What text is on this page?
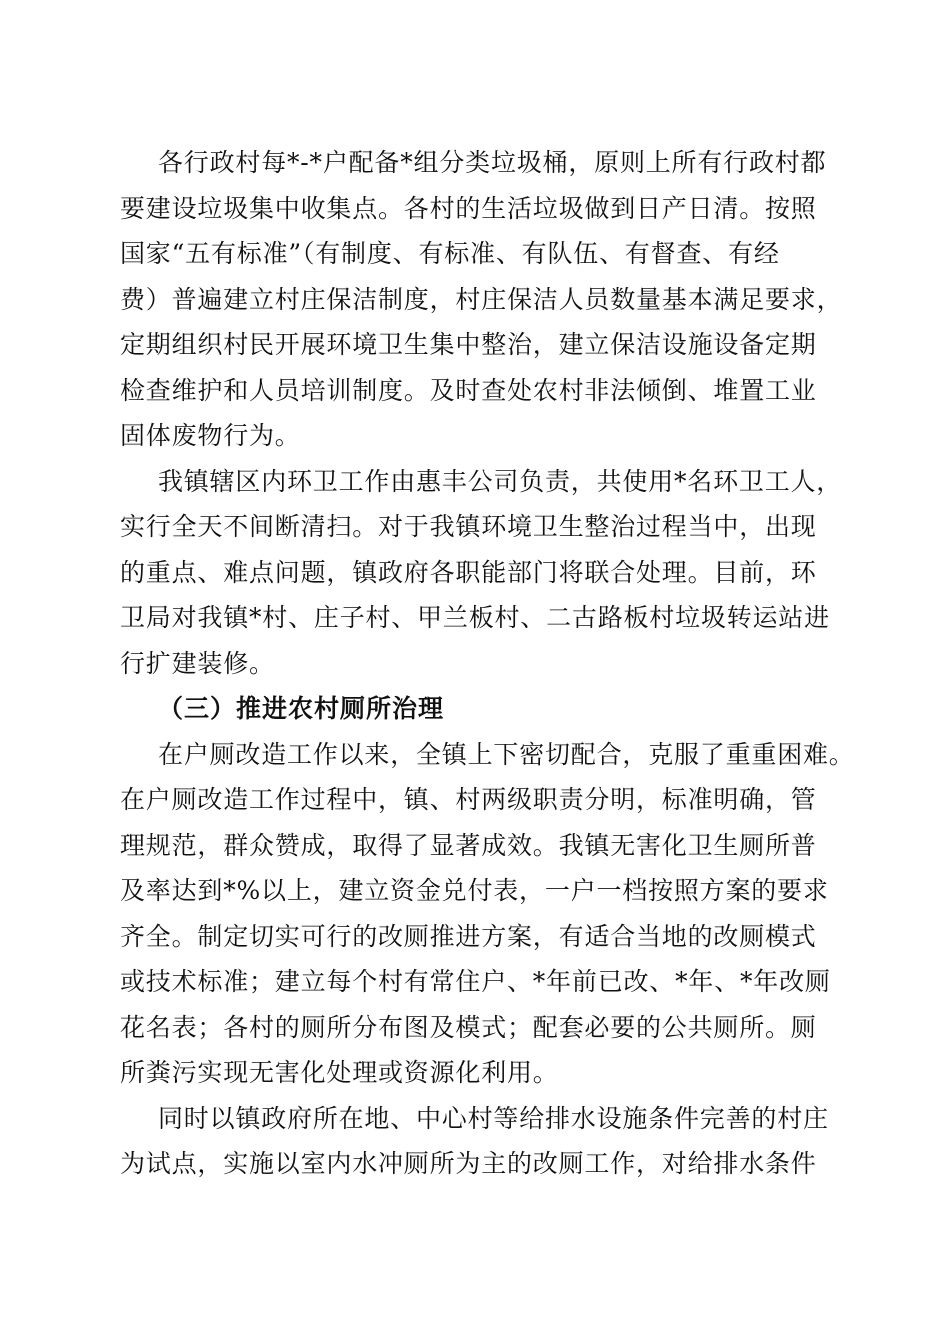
各行政村每*-*户配备*组分类垃圾桶，原则上所有行政村都
要建设垃圾集中收集点。各村的生活垃圾做到日产日清。按照
国家“五有标准”（有制度、有标准、有队伍、有督查、有经
费）普遍建立村庄保洁制度，村庄保洁人员数量基本满足要求，
定期组织村民开展环境卫生集中整治，建立保洁设施设备定期
检查维护和人员培训制度。及时查处农村非法倾倒、堆置工业
固体废物行为。
我镇辖区内环卫工作由惠丰公司负责，共使用*名环卫工人，
实行全天不间断清扫。对于我镇环境卫生整治过程当中，出现
的重点、难点问题，镇政府各职能部门将联合处理。目前，环
卫局对我镇*村、庄子村、甲兰板村、二古路板村垃圾转运站进
行扩建装修。
（三）推进农村厕所治理
在户厕改造工作以来，全镇上下密切配合，克服了重重困难。
在户厕改造工作过程中，镇、村两级职责分明，标准明确，管
理规范，群众赞成，取得了显著成效。我镇无害化卫生厕所普
及率达到*%以上，建立资金兑付表，一户一档按照方案的要求
齐全。制定切实可行的改厕推进方案，有适合当地的改厕模式
或技术标准；建立每个村有常住户、*年前已改、*年、*年改厕
花名表；各村的厕所分布图及模式；配套必要的公共厕所。厕
所粪污实现无害化处理或资源化利用。
同时以镇政府所在地、中心村等给排水设施条件完善的村庄
为试点，实施以室内水冲厕所为主的改厕工作，对给排水条件
